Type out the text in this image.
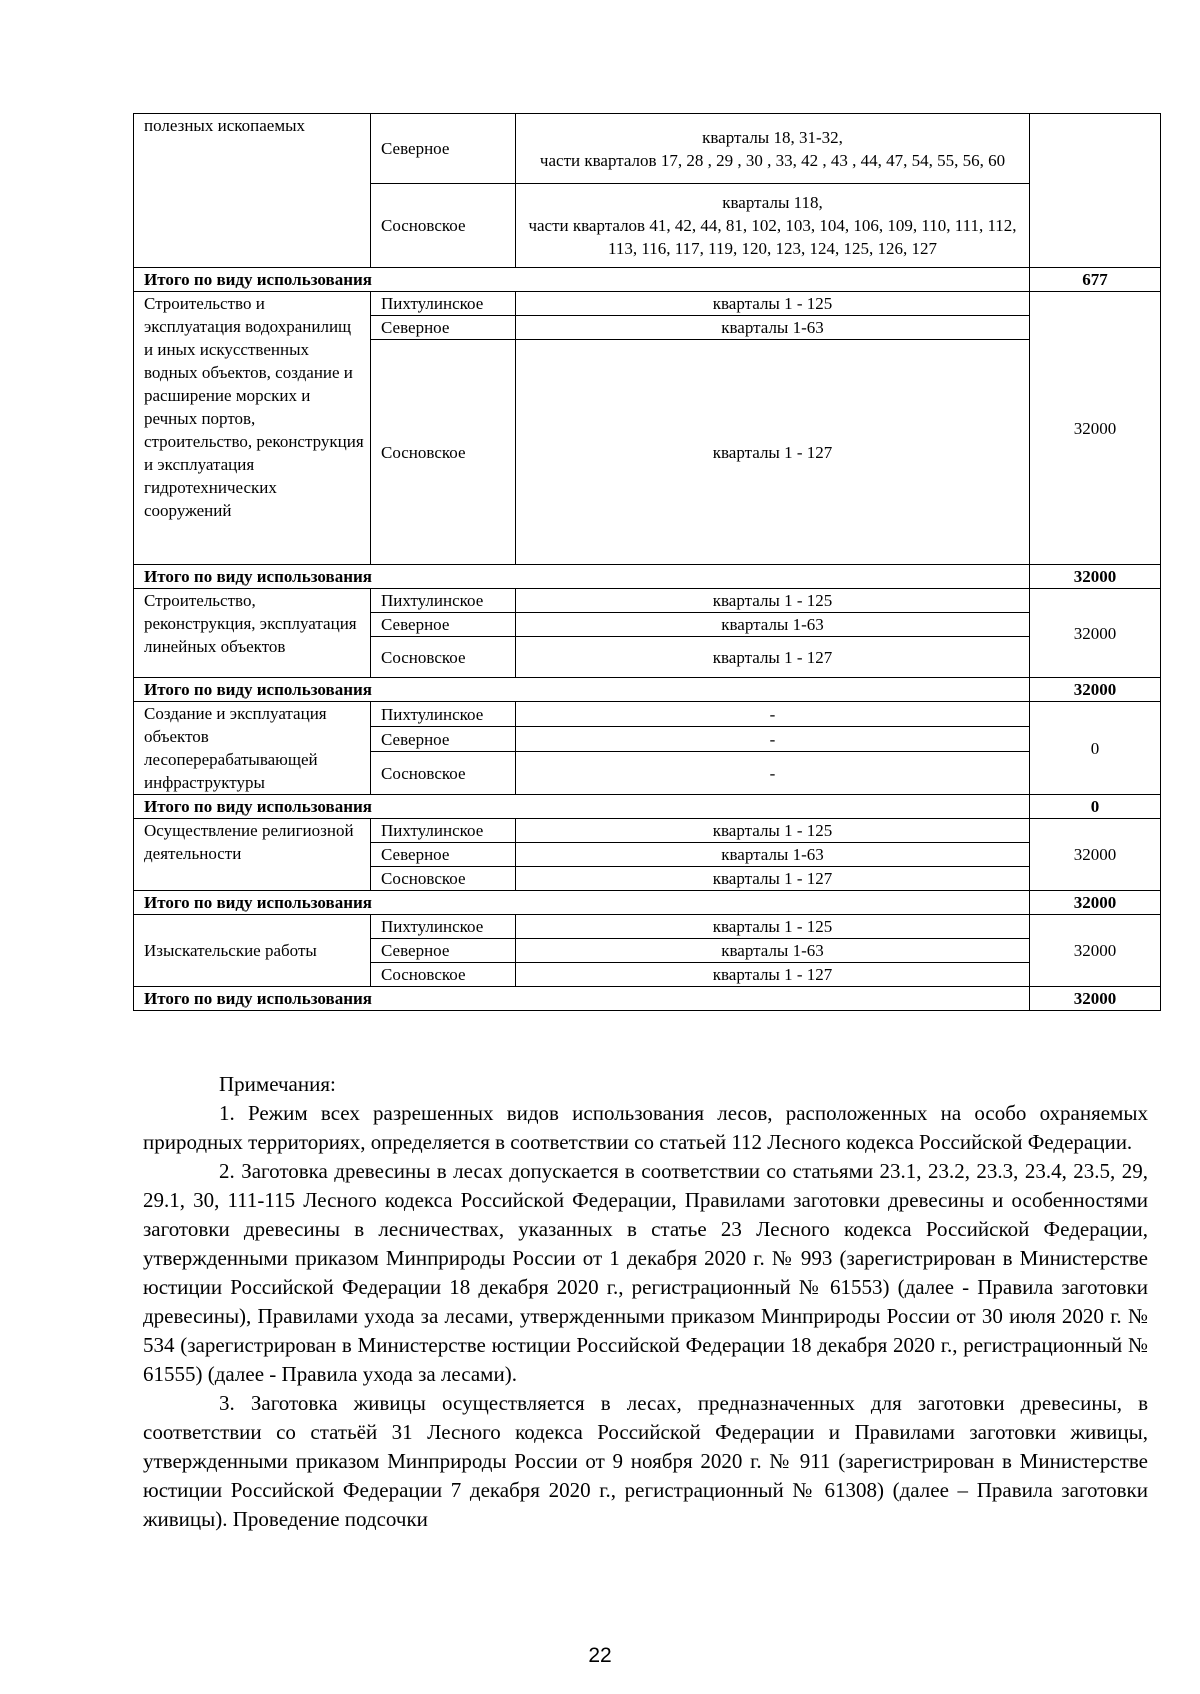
полезных ископаемых	Северное	кварталы 18, 31-32,
части кварталов 17, 28 , 29 , 30 , 33, 42 , 43 , 44, 47, 54, 55, 56, 60	
	Сосновское	кварталы 118,
части кварталов 41, 42, 44, 81, 102, 103, 104, 106, 109, 110, 111, 112, 113, 116, 117, 119, 120, 123, 124, 125, 126, 127	
Итого по виду использования			677
Строительство и эксплуатация водохранилищ и иных искусственных водных объектов, создание и расширение морских и речных портов, строительство, реконструкция и эксплуатация гидротехнических сооружений	Пихтулинское	кварталы 1 - 125	32000
	Северное	кварталы 1-63	
	Сосновское	кварталы 1 - 127	
Итого по виду использования			32000
Строительство, реконструкция, эксплуатация линейных объектов	Пихтулинское	кварталы 1 - 125	32000
	Северное	кварталы 1-63	
	Сосновское	кварталы 1 - 127	
Итого по виду использования			32000
Создание и эксплуатация объектов лесоперерабатывающей инфраструктуры	Пихтулинское	-	0
	Северное	-	
	Сосновское	-	
Итого по виду использования			0
Осуществление религиозной деятельности	Пихтулинское	кварталы 1 - 125	32000
	Северное	кварталы 1-63	
	Сосновское	кварталы 1 - 127	
Итого по виду использования			32000
Изыскательские работы	Пихтулинское	кварталы 1 - 125	32000
	Северное	кварталы 1-63	
	Сосновское	кварталы 1 - 127	
Итого по виду использования			32000

Примечания:

1. Режим всех разрешенных видов использования лесов, расположенных на особо охраняемых природных территориях, определяется в соответствии со статьей 112 Лесного кодекса Российской Федерации.

2. Заготовка древесины в лесах допускается в соответствии со статьями 23.1, 23.2, 23.3, 23.4, 23.5, 29, 29.1, 30, 111-115 Лесного кодекса Российской Федерации, Правилами заготовки древесины и особенностями заготовки древесины в лесничествах, указанных в статье 23 Лесного кодекса Российской Федерации, утвержденными приказом Минприроды России от 1 декабря 2020 г. № 993 (зарегистрирован в Министерстве юстиции Российской Федерации 18 декабря 2020 г., регистрационный № 61553) (далее - Правила заготовки древесины), Правилами ухода за лесами, утвержденными приказом Минприроды России от 30 июля 2020 г. № 534 (зарегистрирован в Министерстве юстиции Российской Федерации 18 декабря 2020 г., регистрационный № 61555) (далее - Правила ухода за лесами).

3. Заготовка живицы осуществляется в лесах, предназначенных для заготовки древесины, в соответствии со статьёй 31 Лесного кодекса Российской Федерации и Правилами заготовки живицы, утвержденными приказом Минприроды России от 9 ноября 2020 г. № 911 (зарегистрирован в Министерстве юстиции Российской Федерации 7 декабря 2020 г., регистрационный № 61308) (далее – Правила заготовки живицы). Проведение подсочки

22
